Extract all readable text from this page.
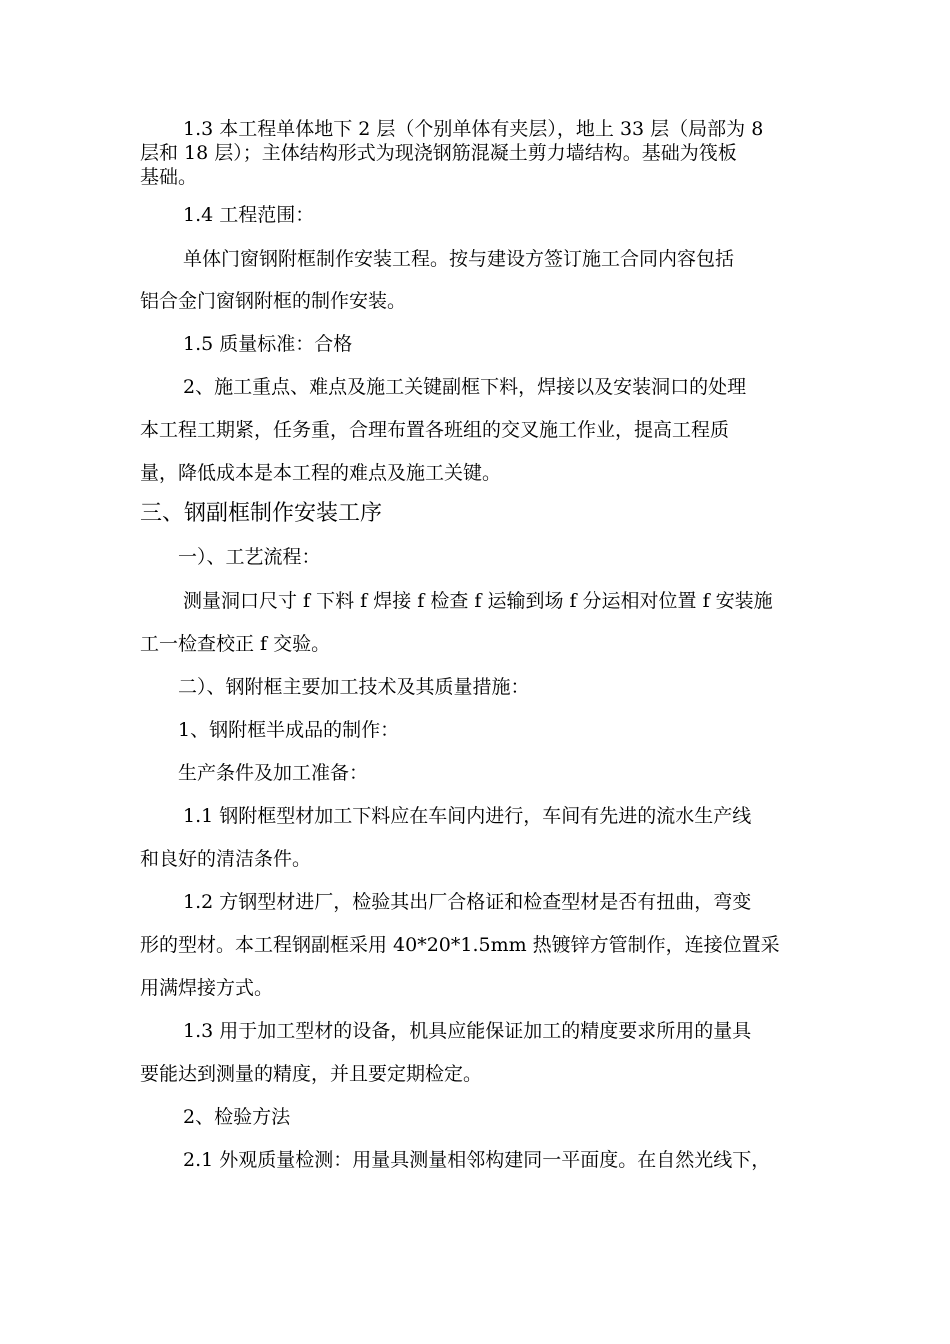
1.3 本工程单体地下 2 层（个别单体有夹层），地上 33 层（局部为 8
层和 18 层）；主体结构形式为现浇钢筋混凝土剪力墙结构。基础为筏板
基础。
1.4 工程范围：
单体门窗钢附框制作安装工程。按与建设方签订施工合同内容包括
铝合金门窗钢附框的制作安装。
1.5 质量标准：合格
2、施工重点、难点及施工关键副框下料，焊接以及安装洞口的处理
本工程工期紧，任务重，合理布置各班组的交叉施工作业，提高工程质
量，降低成本是本工程的难点及施工关键。
三、钢副框制作安装工序
一）、工艺流程：
测量洞口尺寸 f 下料 f 焊接 f 检查 f 运输到场 f 分运相对位置 f 安装施
工一检查校正 f 交验。
二）、钢附框主要加工技术及其质量措施：
1、钢附框半成品的制作：
生产条件及加工准备：
1.1 钢附框型材加工下料应在车间内进行，车间有先进的流水生产线
和良好的清洁条件。
1.2 方钢型材进厂，检验其出厂合格证和检查型材是否有扭曲，弯变
形的型材。本工程钢副框采用 40*20*1.5mm 热镀锌方管制作，连接位置采
用满焊接方式。
1.3 用于加工型材的设备，机具应能保证加工的精度要求所用的量具
要能达到测量的精度，并且要定期检定。
2、检验方法
2.1 外观质量检测：用量具测量相邻构建同一平面度。在自然光线下，
